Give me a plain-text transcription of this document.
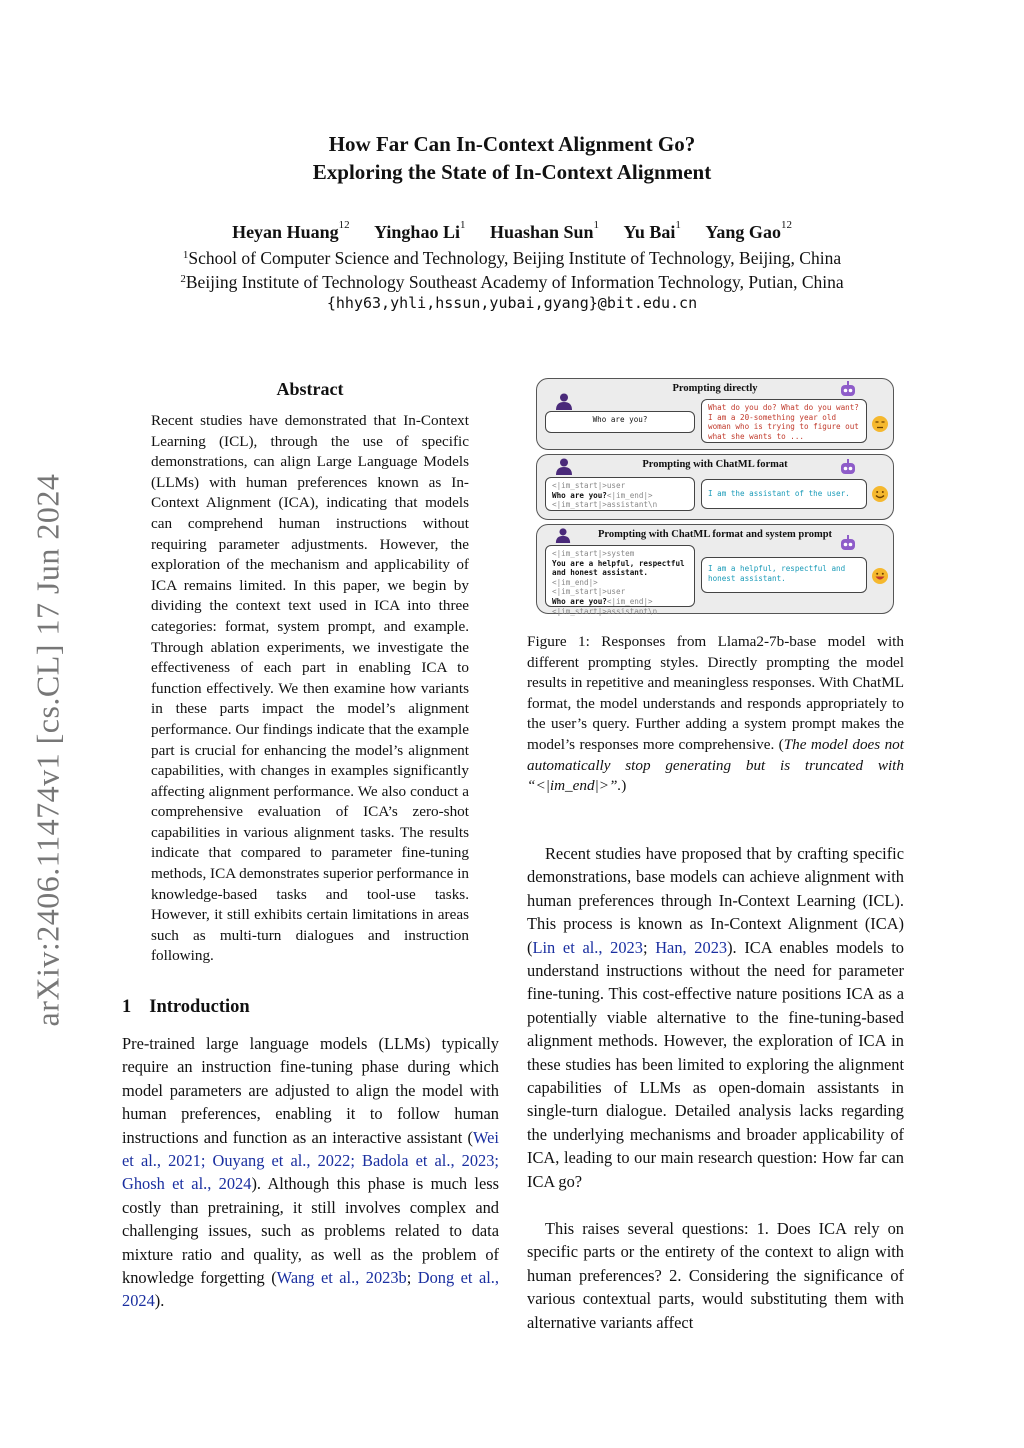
How Far Can In-Context Alignment Go?
Exploring the State of In-Context Alignment
Heyan Huang$^{12}$ Yinghao Li$^1$ Huashan Sun$^1$ Yu Bai$^1$ Yang Gao$^{12}$
$^1$School of Computer Science and Technology, Beijing Institute of Technology, Beijing, China
$^2$Beijing Institute of Technology Southeast Academy of Information Technology, Putian, China
{hhy63,yhli,hssun,yubai,gyang}@bit.edu.cn
arXiv:2406.11474v1 [cs.CL] 17 Jun 2024
Abstract
Recent studies have demonstrated that In-Context Learning (ICL), through the use of specific demonstrations, can align Large Language Models (LLMs) with human preferences known as In-Context Alignment (ICA), indicating that models can comprehend human instructions without requiring parameter adjustments. However, the exploration of the mechanism and applicability of ICA remains limited. In this paper, we begin by dividing the context text used in ICA into three categories: format, system prompt, and example. Through ablation experiments, we investigate the effectiveness of each part in enabling ICA to function effectively. We then examine how variants in these parts impact the model’s alignment performance. Our findings indicate that the example part is crucial for enhancing the model’s alignment capabilities, with changes in examples significantly affecting alignment performance. We also conduct a comprehensive evaluation of ICA’s zero-shot capabilities in various alignment tasks. The results indicate that compared to parameter fine-tuning methods, ICA demonstrates superior performance in knowledge-based tasks and tool-use tasks. However, it still exhibits certain limitations in areas such as multi-turn dialogues and instruction following.
1 Introduction
Pre-trained large language models (LLMs) typically require an instruction fine-tuning phase during which model parameters are adjusted to align the model with human preferences, enabling it to follow human instructions and function as an interactive assistant (Wei et al., 2021; Ouyang et al., 2022; Badola et al., 2023; Ghosh et al., 2024). Although this phase is much less costly than pretraining, it still involves complex and challenging issues, such as problems related to data mixture ratio and quality, as well as the problem of knowledge forgetting (Wang et al., 2023b; Dong et al., 2024).
Prompting directly
Who are you?
What do you do? What do you want? I am a 20-something year old woman who is trying to figure out what she wants to ...
Prompting with ChatML format
<|im_start|>user
Who are you?<|im_end|>
<|im_start|>assistant\n
I am the assistant of the user.
Prompting with ChatML format and system prompt
<|im_start|>system
You are a helpful, respectful
and honest assistant.<|im_end|>
<|im_start|>user
Who are you?<|im_end|>
<|im_start|>assistant\n
I am a helpful, respectful and honest assistant.
Figure 1: Responses from Llama2-7b-base model with different prompting styles. Directly prompting the model results in repetitive and meaningless responses. With ChatML format, the model understands and responds appropriately to the user’s query. Further adding a system prompt makes the model’s responses more comprehensive. (The model does not automatically stop generating but is truncated with “<|im_end|>”.)
Recent studies have proposed that by crafting specific demonstrations, base models can achieve alignment with human preferences through In-Context Learning (ICL). This process is known as In-Context Alignment (ICA) (Lin et al., 2023; Han, 2023). ICA enables models to understand instructions without the need for parameter fine-tuning. This cost-effective nature positions ICA as a potentially viable alternative to the fine-tuning-based alignment methods. However, the exploration of ICA in these studies has been limited to exploring the alignment capabilities of LLMs as open-domain assistants in single-turn dialogue. Detailed analysis lacks regarding the underlying mechanisms and broader applicability of ICA, leading to our main research question: How far can ICA go?
This raises several questions: 1. Does ICA rely on specific parts or the entirety of the context to align with human preferences? 2. Considering the significance of various contextual parts, would substituting them with alternative variants affect
